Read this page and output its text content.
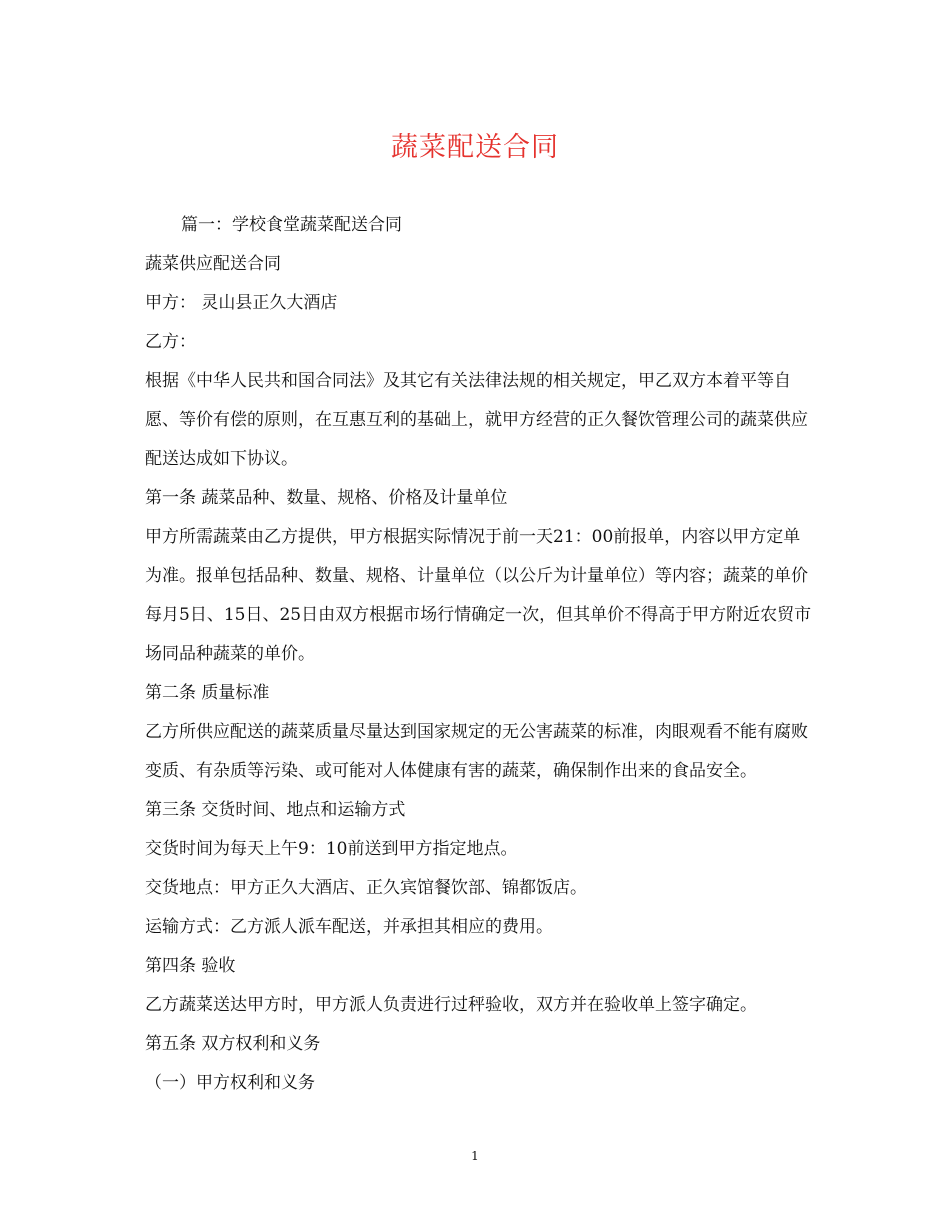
蔬菜配送合同

篇一：学校食堂蔬菜配送合同

蔬菜供应配送合同

甲方： 灵山县正久大酒店

乙方：

根据《中华人民共和国合同法》及其它有关法律法规的相关规定，甲乙双方本着平等自愿、等价有偿的原则，在互惠互利的基础上，就甲方经营的正久餐饮管理公司的蔬菜供应配送达成如下协议。

第一条 蔬菜品种、数量、规格、价格及计量单位

甲方所需蔬菜由乙方提供，甲方根据实际情况于前一天21：00前报单，内容以甲方定单为准。报单包括品种、数量、规格、计量单位（以公斤为计量单位）等内容；蔬菜的单价每月5日、15日、25日由双方根据市场行情确定一次，但其单价不得高于甲方附近农贸市场同品种蔬菜的单价。

第二条 质量标准

乙方所供应配送的蔬菜质量尽量达到国家规定的无公害蔬菜的标准，肉眼观看不能有腐败变质、有杂质等污染、或可能对人体健康有害的蔬菜，确保制作出来的食品安全。

第三条 交货时间、地点和运输方式

交货时间为每天上午9：10前送到甲方指定地点。

交货地点：甲方正久大酒店、正久宾馆餐饮部、锦都饭店。

运输方式：乙方派人派车配送，并承担其相应的费用。

第四条 验收

乙方蔬菜送达甲方时，甲方派人负责进行过秤验收，双方并在验收单上签字确定。

第五条 双方权利和义务

（一）甲方权利和义务

1
